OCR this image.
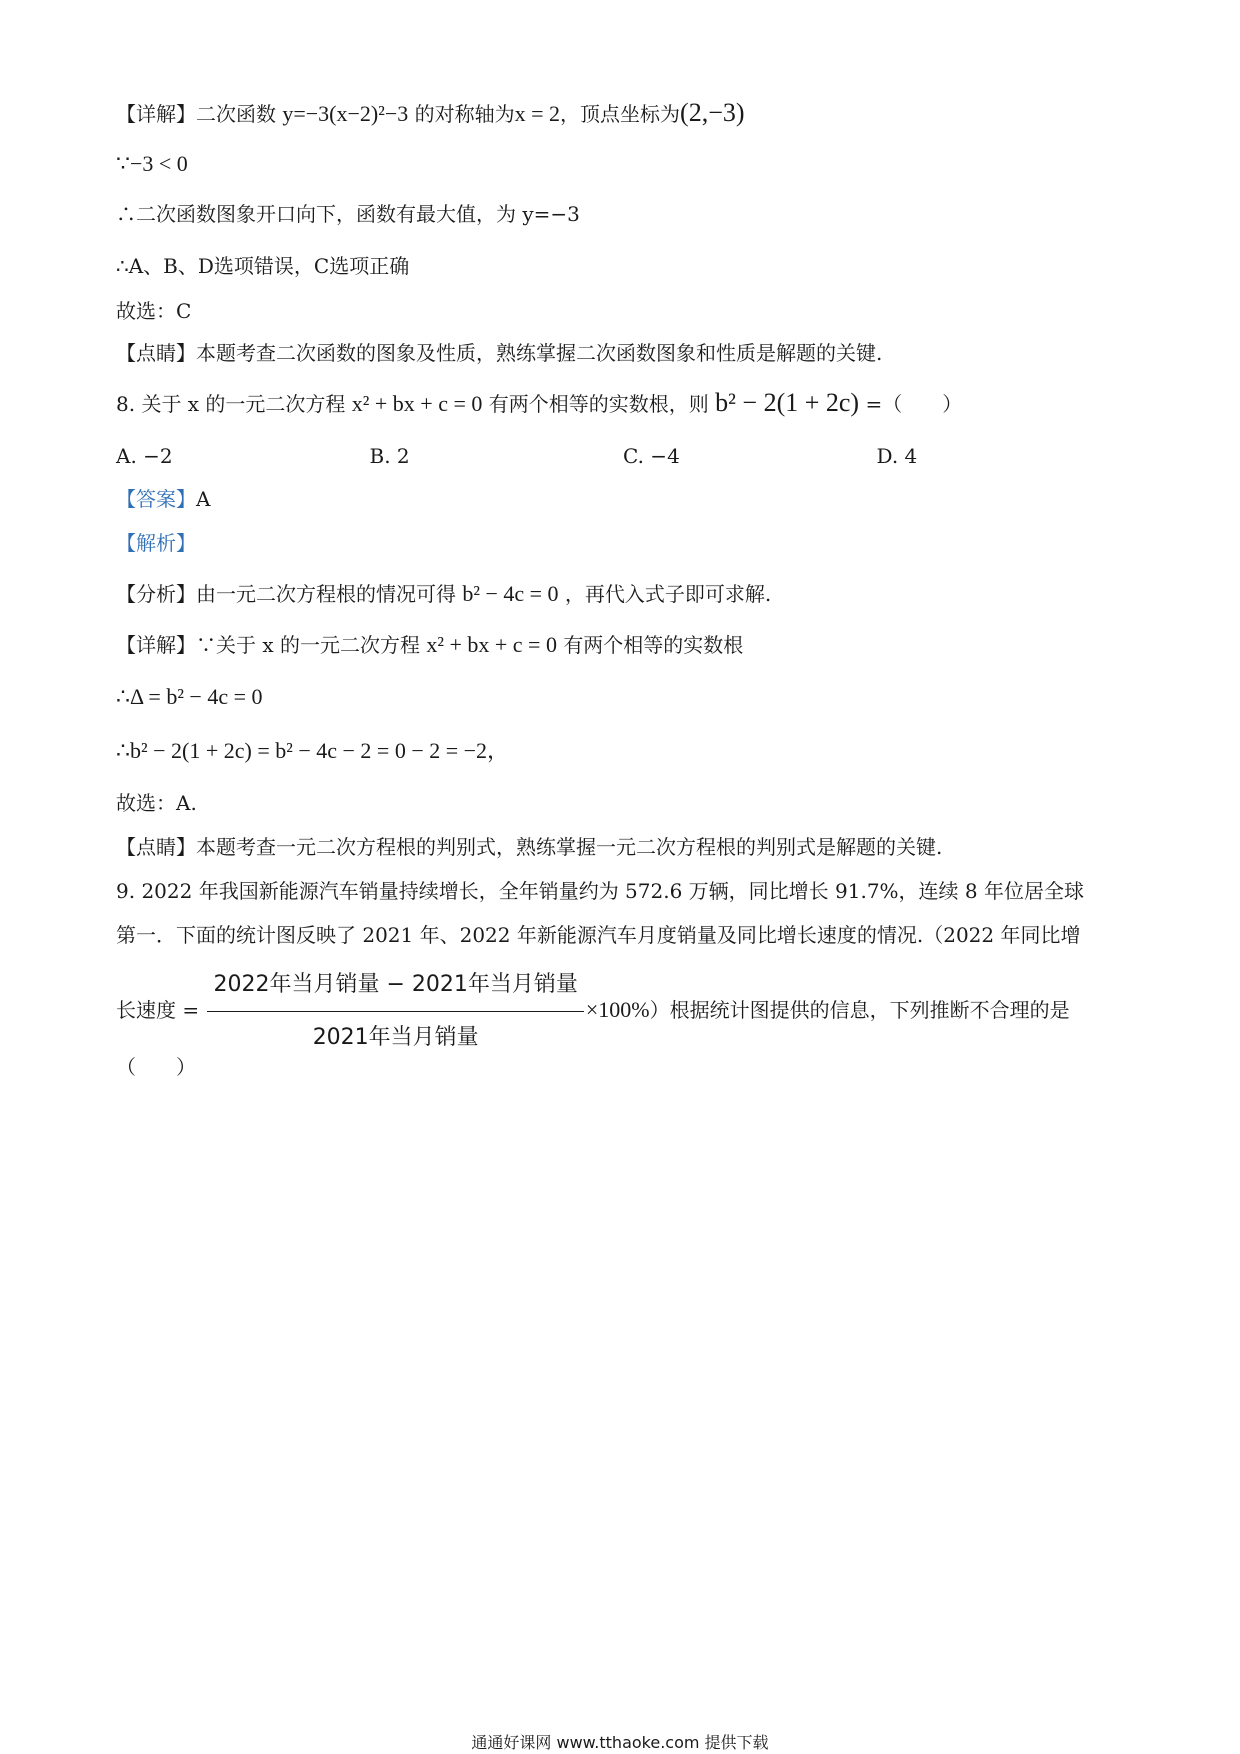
【详解】二次函数 y=−3(x−2)²−3 的对称轴为x = 2，顶点坐标为(2,−3)
∵−3 < 0
∴二次函数图象开口向下，函数有最大值，为 y=−3
∴A、B、D选项错误，C选项正确
故选：C
【点睛】本题考查二次函数的图象及性质，熟练掌握二次函数图象和性质是解题的关键.
8. 关于 x 的一元二次方程 x² + bx + c = 0 有两个相等的实数根，则 b² − 2(1 + 2c) =（　　）
A. −2	B. 2	C. −4	D. 4
【答案】A
【解析】
【分析】由一元二次方程根的情况可得 b² − 4c = 0 ，再代入式子即可求解.
【详解】∵关于 x 的一元二次方程 x² + bx + c = 0 有两个相等的实数根
∴Δ = b² − 4c = 0
∴b² − 2(1 + 2c) = b² − 4c − 2 = 0 − 2 = −2，
故选：A.
【点睛】本题考查一元二次方程根的判别式，熟练掌握一元二次方程根的判别式是解题的关键.
9. 2022 年我国新能源汽车销量持续增长，全年销量约为 572.6 万辆，同比增长 91.7%，连续 8 年位居全球
第一．下面的统计图反映了 2021 年、2022 年新能源汽车月度销量及同比增长速度的情况.（2022 年同比增
长速度 = $\frac{\text{2022年当月销量 − 2021年当月销量}}{\text{2021年当月销量}} \times 100\%$）根据统计图提供的信息，下列推断不合理的是
（　　）
通通好课网 www.tthaoke.com 提供下载
